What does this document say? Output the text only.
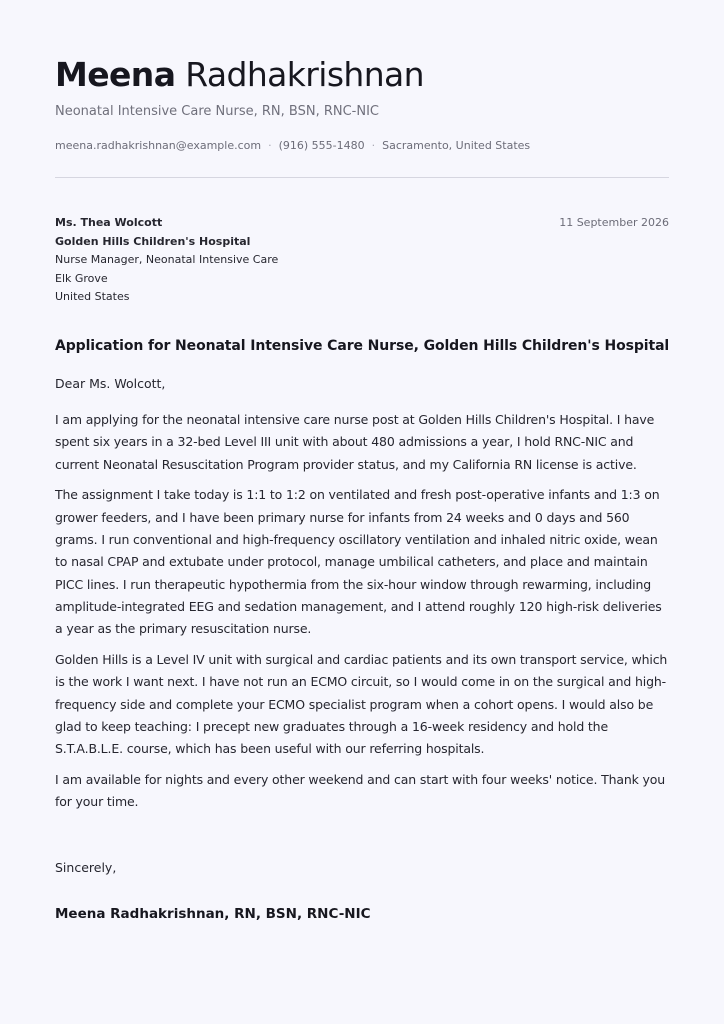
Meena Radhakrishnan
Neonatal Intensive Care Nurse, RN, BSN, RNC-NIC
meena.radhakrishnan@example.com · (916) 555-1480 · Sacramento, United States
Ms. Thea Wolcott
Golden Hills Children's Hospital
Nurse Manager, Neonatal Intensive Care
Elk Grove
United States
11 September 2026
Application for Neonatal Intensive Care Nurse, Golden Hills Children's Hospital
Dear Ms. Wolcott,

I am applying for the neonatal intensive care nurse post at Golden Hills Children's Hospital. I have spent six years in a 32-bed Level III unit with about 480 admissions a year, I hold RNC-NIC and current Neonatal Resuscitation Program provider status, and my California RN license is active.

The assignment I take today is 1:1 to 1:2 on ventilated and fresh post-operative infants and 1:3 on grower feeders, and I have been primary nurse for infants from 24 weeks and 0 days and 560 grams. I run conventional and high-frequency oscillatory ventilation and inhaled nitric oxide, wean to nasal CPAP and extubate under protocol, manage umbilical catheters, and place and maintain PICC lines. I run therapeutic hypothermia from the six-hour window through rewarming, including amplitude-integrated EEG and sedation management, and I attend roughly 120 high-risk deliveries a year as the primary resuscitation nurse.

Golden Hills is a Level IV unit with surgical and cardiac patients and its own transport service, which is the work I want next. I have not run an ECMO circuit, so I would come in on the surgical and high-frequency side and complete your ECMO specialist program when a cohort opens. I would also be glad to keep teaching: I precept new graduates through a 16-week residency and hold the S.T.A.B.L.E. course, which has been useful with our referring hospitals.

I am available for nights and every other weekend and can start with four weeks' notice. Thank you for your time.

Sincerely,
Meena Radhakrishnan, RN, BSN, RNC-NIC
